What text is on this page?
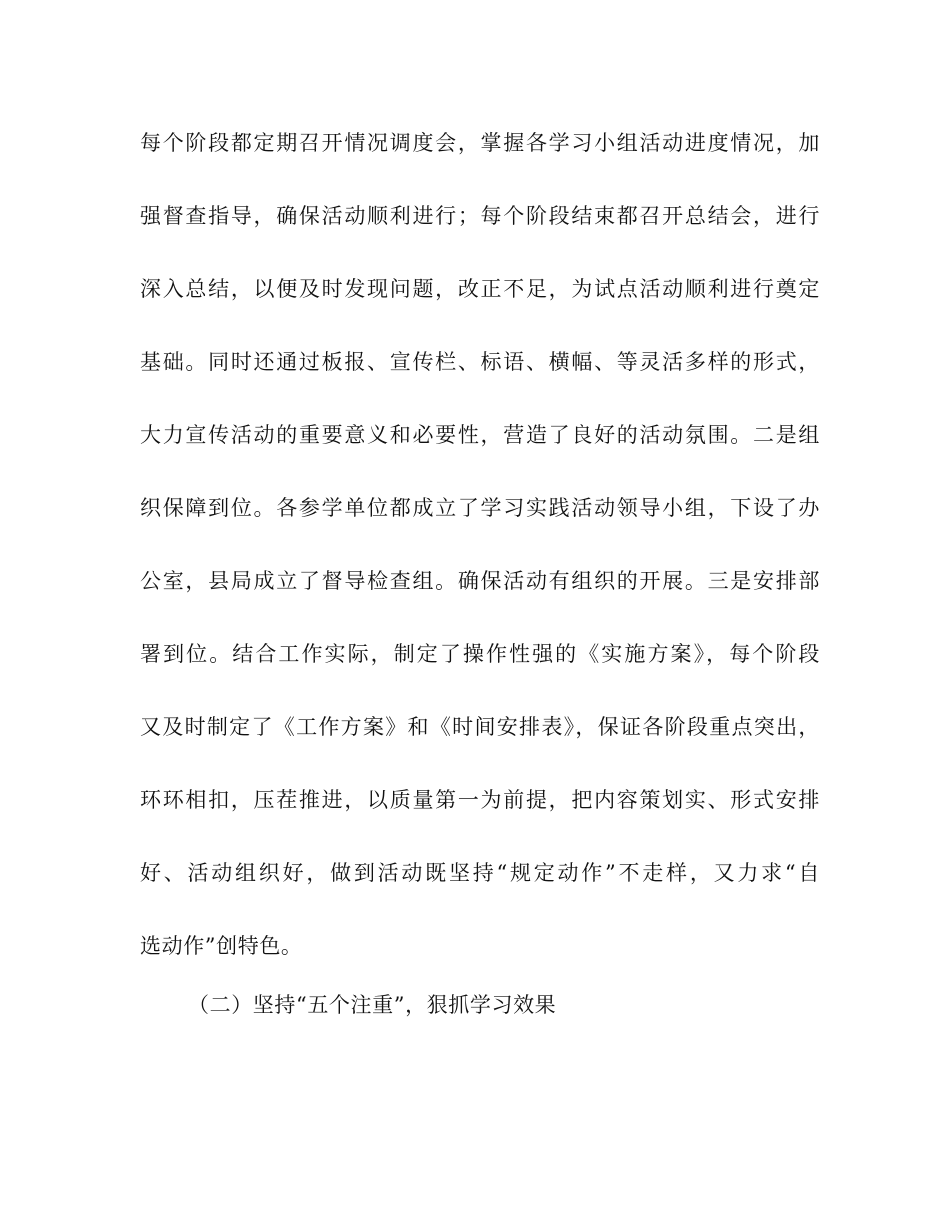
每个阶段都定期召开情况调度会，掌握各学习小组活动进度情况，加
强督查指导，确保活动顺利进行；每个阶段结束都召开总结会，进行
深入总结，以便及时发现问题，改正不足，为试点活动顺利进行奠定
基础。同时还通过板报、宣传栏、标语、横幅、等灵活多样的形式，
大力宣传活动的重要意义和必要性，营造了良好的活动氛围。二是组
织保障到位。各参学单位都成立了学习实践活动领导小组，下设了办
公室，县局成立了督导检查组。确保活动有组织的开展。三是安排部
署到位。结合工作实际，制定了操作性强的《实施方案》，每个阶段
又及时制定了《工作方案》和《时间安排表》，保证各阶段重点突出，
环环相扣，压茬推进，以质量第一为前提，把内容策划实、形式安排
好、活动组织好，做到活动既坚持“规定动作”不走样，又力求“自
选动作”创特色。
（二）坚持“五个注重”，狠抓学习效果
